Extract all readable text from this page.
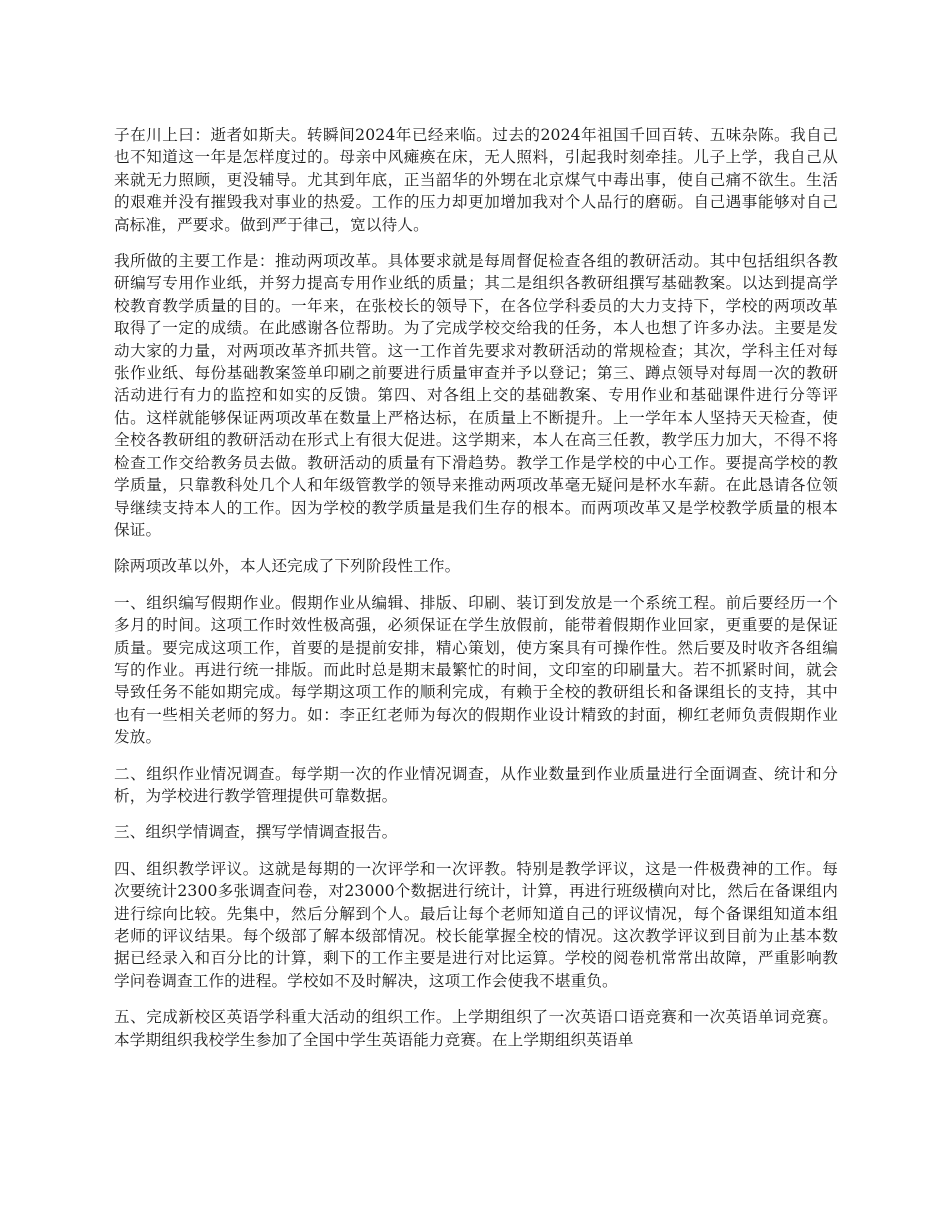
子在川上曰：逝者如斯夫。转瞬间2024年已经来临。过去的2024年祖国千回百转、五味杂陈。我自己也不知道这一年是怎样度过的。母亲中风瘫痪在床，无人照料，引起我时刻牵挂。儿子上学，我自己从来就无力照顾，更没辅导。尤其到年底，正当韶华的外甥在北京煤气中毒出事，使自己痛不欲生。生活的艰难并没有摧毁我对事业的热爱。工作的压力却更加增加我对个人品行的磨砺。自己遇事能够对自己高标准，严要求。做到严于律己，宽以待人。

我所做的主要工作是：推动两项改革。具体要求就是每周督促检查各组的教研活动。其中包括组织各教研编写专用作业纸，并努力提高专用作业纸的质量；其二是组织各教研组撰写基础教案。以达到提高学校教育教学质量的目的。一年来，在张校长的领导下，在各位学科委员的大力支持下，学校的两项改革取得了一定的成绩。在此感谢各位帮助。为了完成学校交给我的任务，本人也想了许多办法。主要是发动大家的力量，对两项改革齐抓共管。这一工作首先要求对教研活动的常规检查；其次，学科主任对每张作业纸、每份基础教案签单印刷之前要进行质量审查并予以登记；第三、蹲点领导对每周一次的教研活动进行有力的监控和如实的反馈。第四、对各组上交的基础教案、专用作业和基础课件进行分等评估。这样就能够保证两项改革在数量上严格达标，在质量上不断提升。上一学年本人坚持天天检查，使全校各教研组的教研活动在形式上有很大促进。这学期来，本人在高三任教，教学压力加大，不得不将检查工作交给教务员去做。教研活动的质量有下滑趋势。教学工作是学校的中心工作。要提高学校的教学质量，只靠教科处几个人和年级管教学的领导来推动两项改革毫无疑问是杯水车薪。在此恳请各位领导继续支持本人的工作。因为学校的教学质量是我们生存的根本。而两项改革又是学校教学质量的根本保证。

除两项改革以外，本人还完成了下列阶段性工作。

一、组织编写假期作业。假期作业从编辑、排版、印刷、装订到发放是一个系统工程。前后要经历一个多月的时间。这项工作时效性极高强，必须保证在学生放假前，能带着假期作业回家，更重要的是保证质量。要完成这项工作，首要的是提前安排，精心策划，使方案具有可操作性。然后要及时收齐各组编写的作业。再进行统一排版。而此时总是期末最繁忙的时间，文印室的印刷量大。若不抓紧时间，就会导致任务不能如期完成。每学期这项工作的顺利完成，有赖于全校的教研组长和备课组长的支持，其中也有一些相关老师的努力。如：李正红老师为每次的假期作业设计精致的封面，柳红老师负责假期作业发放。

二、组织作业情况调查。每学期一次的作业情况调查，从作业数量到作业质量进行全面调查、统计和分析，为学校进行教学管理提供可靠数据。

三、组织学情调查，撰写学情调查报告。

四、组织教学评议。这就是每期的一次评学和一次评教。特别是教学评议，这是一件极费神的工作。每次要统计2300多张调查问卷，对23000个数据进行统计，计算，再进行班级横向对比，然后在备课组内进行综向比较。先集中，然后分解到个人。最后让每个老师知道自己的评议情况，每个备课组知道本组老师的评议结果。每个级部了解本级部情况。校长能掌握全校的情况。这次教学评议到目前为止基本数据已经录入和百分比的计算，剩下的工作主要是进行对比运算。学校的阅卷机常常出故障，严重影响教学问卷调查工作的进程。学校如不及时解决，这项工作会使我不堪重负。

五、完成新校区英语学科重大活动的组织工作。上学期组织了一次英语口语竞赛和一次英语单词竞赛。本学期组织我校学生参加了全国中学生英语能力竞赛。在上学期组织英语单
